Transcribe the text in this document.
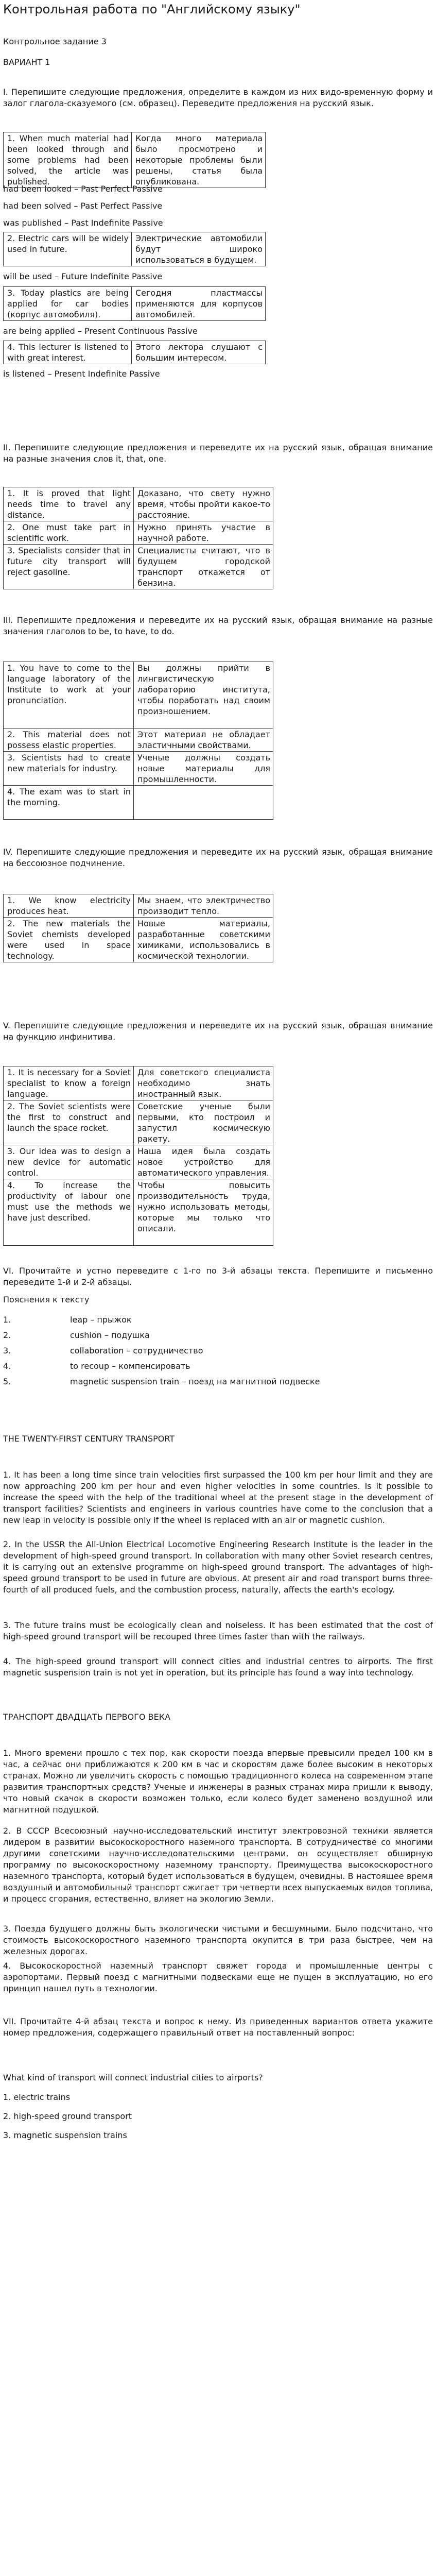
Контрольная работа по "Английскому языку"

Контрольное задание 3

ВАРИАНТ 1

I. Перепишите следующие предложения, определите в каждом из них видо-временную форму и залог глагола-сказуемого (см. образец). Переведите предложения на русский язык.

1. When much material had been looked through and some problems had been solved, the article was published.	Когда много материала было просмотрено и некоторые проблемы были решены, статья была опубликована.

had been looked – Past Perfect Passive

had been solved – Past Perfect Passive

was published – Past Indefinite Passive

2. Electric cars will be widely used in future.	Электрические автомобили будут широко использоваться в будущем.

will be used – Future Indefinite Passive

3. Today plastics are being applied for car bodies (корпус автомобиля).	Сегодня пластмассы применяются для корпусов автомобилей.

are being applied – Present Continuous Passive

4. This lecturer is listened to with great interest.	Этого лектора слушают с большим интересом.

is listened – Present Indefinite Passive

II. Перепишите следующие предложения и переведите их на русский язык, обращая внимание на разные значения слов it, that, one.

1. It is proved that light needs time to travel any distance.	Доказано, что свету нужно время, чтобы пройти какое-то расстояние.
2. One must take part in scientific work.	Нужно принять участие в научной работе.
3. Specialists consider that in future city transport will reject gasoline.	Специалисты считают, что в будущем городской транспорт откажется от бензина.

III. Перепишите предложения и переведите их на русский язык, обращая внимание на разные значения глаголов to be, to have, to do.

1. You have to come to the language laboratory of the Institute to work at your pronunciation.	Вы должны прийти в лингвистическую лабораторию института, чтобы поработать над своим произношением.
2. This material does not possess elastic properties.	Этот материал не обладает эластичными свойствами.
3. Scientists had to create new materials for industry.	Ученые должны создать новые материалы для промышленности.
4. The exam was to start in the morning.	

IV. Перепишите следующие предложения и переведите их на русский язык, обращая внимание на бессоюзное подчинение.

1. We know electricity produces heat.	Мы знаем, что электричество производит тепло.
2. The new materials the Soviet chemists developed were used in space technology.	Новые материалы, разработанные советскими химиками, использовались в космической технологии.

V. Перепишите следующие предложения и переведите их на русский язык, обращая внимание на функцию инфинитива.

1. It is necessary for a Soviet specialist to know a foreign language.	Для советского специалиста необходимо знать иностранный язык.
2. The Soviet scientists were the first to construct and launch the space rocket.	Советские ученые были первыми, кто построил и запустил космическую ракету.
3. Our idea was to design a new device for automatic control.	Наша идея была создать новое устройство для автоматического управления.
4. To increase the productivity of labour one must use the methods we have just described.	Чтобы повысить производительность труда, нужно использовать методы, которые мы только что описали.

VI. Прочитайте и устно переведите с 1-го по 3-й абзацы текста. Перепишите и письменно переведите 1-й и 2-й абзацы.

Пояснения к тексту

1.	leap – прыжок
2.	cushion – подушка
3.	collaboration – сотрудничество
4.	to recoup – компенсировать
5.	magnetic suspension train – поезд на магнитной подвеске

THE TWENTY-FIRST CENTURY TRANSPORT

1. It has been a long time since train velocities first surpassed the 100 km per hour limit and they are now approaching 200 km per hour and even higher velocities in some countries. Is it possible to increase the speed with the help of the traditional wheel at the present stage in the development of transport facilities? Scientists and engineers in various countries have come to the conclusion that a new leap in velocity is possible only if the wheel is replaced with an air or magnetic cushion.

2. In the USSR the All-Union Electrical Locomotive Engineering Research Institute is the leader in the development of high-speed ground transport. In collaboration with many other Soviet research centres, it is carrying out an extensive programme on high-speed ground transport. The advantages of high-speed ground transport to be used in future are obvious. At present air and road transport burns three-fourth of all produced fuels, and the combustion process, naturally, affects the earth's ecology.

3. The future trains must be ecologically clean and noiseless. It has been estimated that the cost of high-speed ground transport will be recouped three times faster than with the railways.

4. The high-speed ground transport will connect cities and industrial centres to airports. The first magnetic suspension train is not yet in operation, but its principle has found a way into technology.

ТРАНСПОРТ ДВАДЦАТЬ ПЕРВОГО ВЕКА

1. Много времени прошло с тех пор, как скорости поезда впервые превысили предел 100 км в час, а сейчас они приближаются к 200 км в час и скоростям даже более высоким в некоторых странах. Можно ли увеличить скорость с помощью традиционного колеса на современном этапе развития транспортных средств? Ученые и инженеры в разных странах мира пришли к выводу, что новый скачок в скорости возможен только, если колесо будет заменено воздушной или магнитной подушкой.

2. В СССР Всесоюзный научно-исследовательский институт электровозной техники является лидером в развитии высокоскоростного наземного транспорта. В сотрудничестве со многими другими советскими научно-исследовательскими центрами, он осуществляет обширную программу по высокоскоростному наземному транспорту. Преимущества высокоскоростного наземного транспорта, который будет использоваться в будущем, очевидны. В настоящее время воздушный и автомобильный транспорт сжигает три четверти всех выпускаемых видов топлива, и процесс сгорания, естественно, влияет на экологию Земли.

3. Поезда будущего должны быть экологически чистыми и бесшумными. Было подсчитано, что стоимость высокоскоростного наземного транспорта окупится в три раза быстрее, чем на железных дорогах.

4. Высокоскоростной наземный транспорт свяжет города и промышленные центры с аэропортами. Первый поезд с магнитными подвесками еще не пущен в эксплуатацию, но его принцип нашел путь в технологии.

VII. Прочитайте 4-й абзац текста и вопрос к нему. Из приведенных вариантов ответа укажите номер предложения, содержащего правильный ответ на поставленный вопрос:

What kind of transport will connect industrial cities to airports?

1. electric trains

2. high-speed ground transport

3. magnetic suspension trains
